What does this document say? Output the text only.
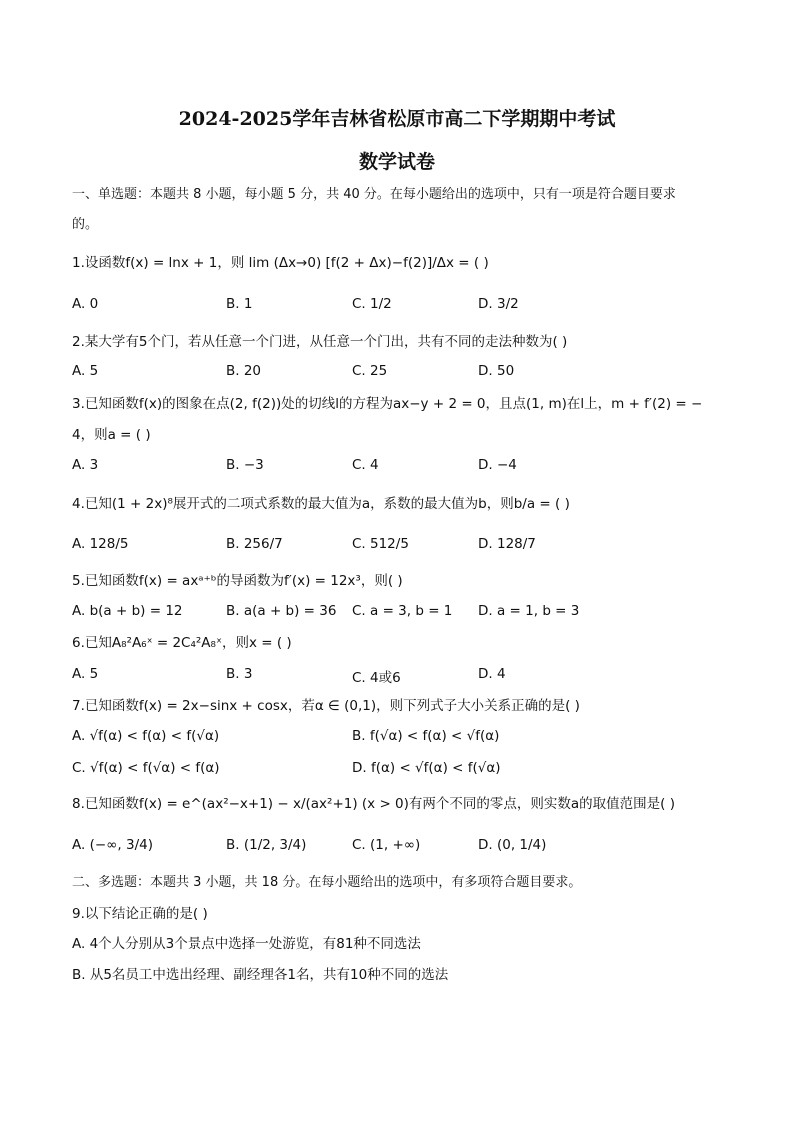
2024-2025学年吉林省松原市高二下学期期中考试
数学试卷
一、单选题：本题共 8 小题，每小题 5 分，共 40 分。在每小题给出的选项中，只有一项是符合题目要求
的。
1.设函数f(x) = lnx + 1，则 lim (Δx→0) [f(2 + Δx)−f(2)]/Δx = ( )
A. 0	B. 1	C. 1/2	D. 3/2
2.某大学有5个门，若从任意一个门进，从任意一个门出，共有不同的走法种数为( )
A. 5	B. 20	C. 25	D. 50
3.已知函数f(x)的图象在点(2, f(2))处的切线l的方程为ax−y + 2 = 0，且点(1, m)在l上，m + f′(2) = −
4，则a = ( )
A. 3	B. −3	C. 4	D. −4
4.已知(1 + 2x)⁸展开式的二项式系数的最大值为a，系数的最大值为b，则b/a = ( )
A. 128/5	B. 256/7	C. 512/5	D. 128/7
5.已知函数f(x) = axᵃ⁺ᵇ的导函数为f′(x) = 12x³，则( )
A. b(a + b) = 12	B. a(a + b) = 36 C. a = 3, b = 1 D. a = 1, b = 3
6.已知A₈²A₆ˣ = 2C₄²A₈ˣ，则x = ( )
A. 5	B. 3	C. 4或6	D. 4
7.已知函数f(x) = 2x−sinx + cosx，若α ∈ (0,1)，则下列式子大小关系正确的是( )
A. √f(α) < f(α) < f(√α)	B. f(√α) < f(α) < √f(α)
C. √f(α) < f(√α) < f(α)	D. f(α) < √f(α) < f(√α)
8.已知函数f(x) = e^(ax²−x+1) − x/(ax²+1) (x > 0)有两个不同的零点，则实数a的取值范围是( )
A. (−∞, 3/4)	B. (1/2, 3/4)	C. (1, +∞)	D. (0, 1/4)
二、多选题：本题共 3 小题，共 18 分。在每小题给出的选项中，有多项符合题目要求。
9.以下结论正确的是( )
A. 4个人分别从3个景点中选择一处游览，有81种不同选法
B. 从5名员工中选出经理、副经理各1名，共有10种不同的选法
